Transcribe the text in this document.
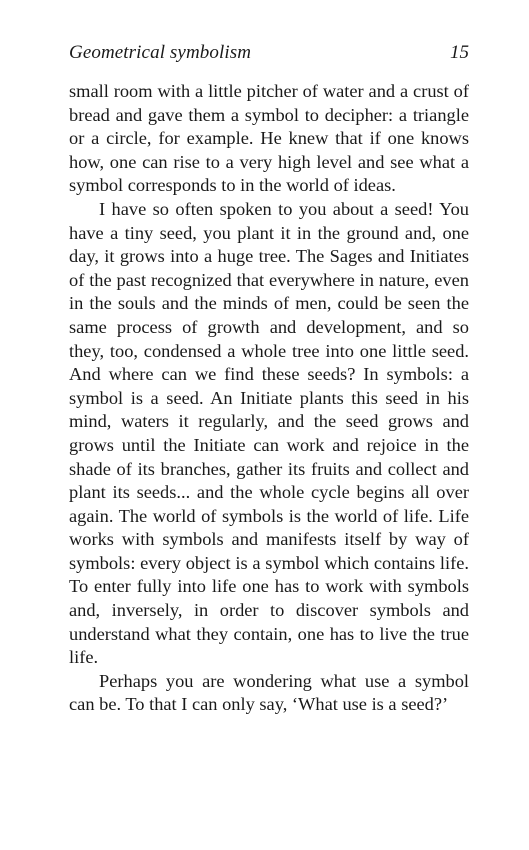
Geometrical symbolism	15

small room with a little pitcher of water and a crust of bread and gave them a symbol to decipher: a triangle or a circle, for example. He knew that if one knows how, one can rise to a very high level and see what a symbol corresponds to in the world of ideas.

I have so often spoken to you about a seed! You have a tiny seed, you plant it in the ground and, one day, it grows into a huge tree. The Sages and Initiates of the past recognized that everywhere in nature, even in the souls and the minds of men, could be seen the same process of growth and development, and so they, too, condensed a whole tree into one little seed. And where can we find these seeds? In symbols: a symbol is a seed. An Initiate plants this seed in his mind, waters it regularly, and the seed grows and grows until the Initiate can work and rejoice in the shade of its branches, gather its fruits and collect and plant its seeds... and the whole cycle begins all over again. The world of symbols is the world of life. Life works with symbols and manifests itself by way of symbols: every object is a symbol which contains life. To enter fully into life one has to work with symbols and, inversely, in order to discover symbols and understand what they contain, one has to live the true life.

Perhaps you are wondering what use a symbol can be. To that I can only say, ‘What use is a seed?’
